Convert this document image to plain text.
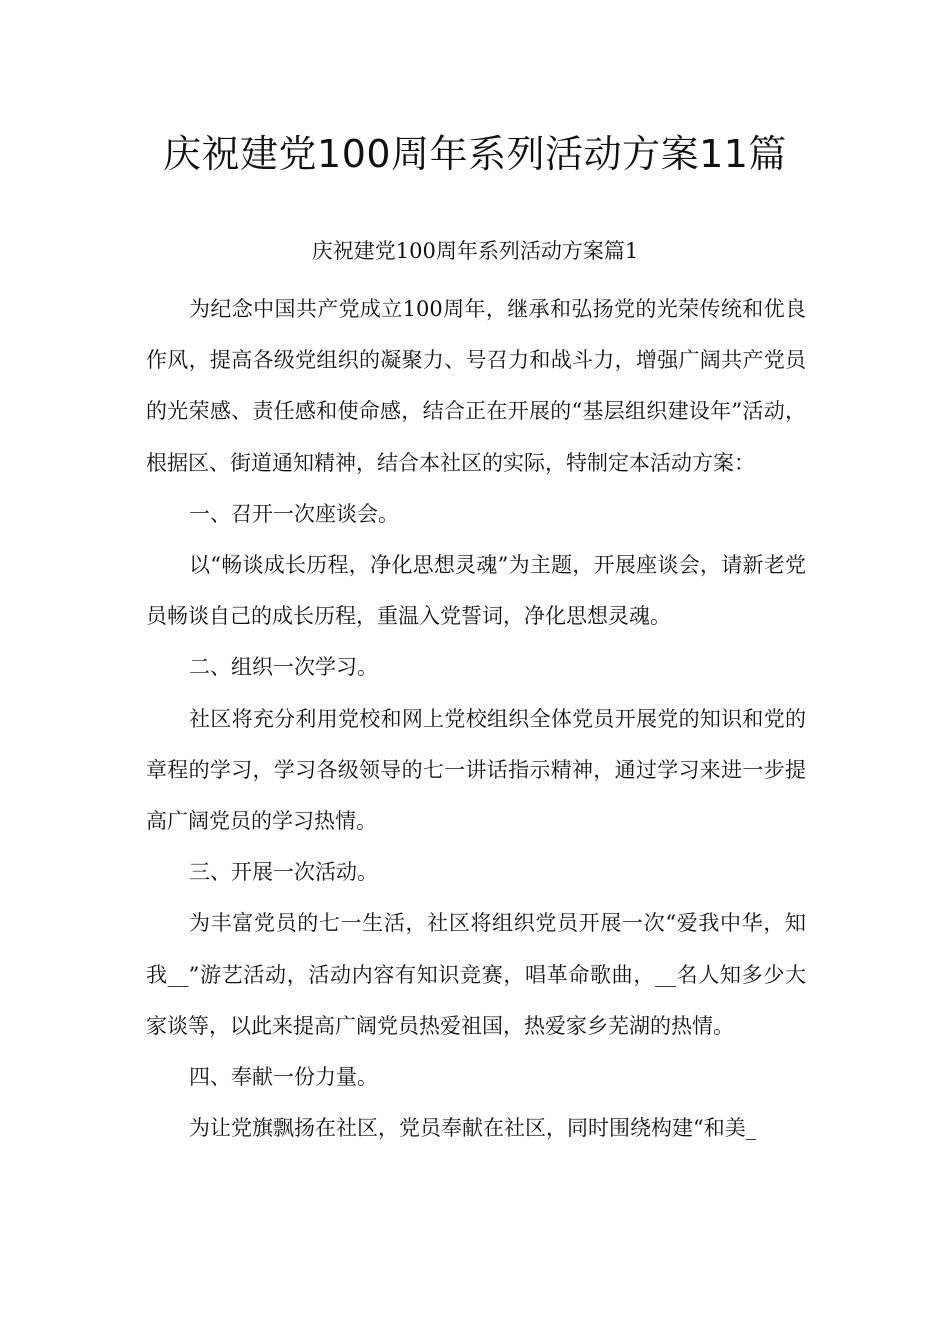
庆祝建党100周年系列活动方案11篇
庆祝建党100周年系列活动方案篇1

为纪念中国共产党成立100周年，继承和弘扬党的光荣传统和优良作风，提高各级党组织的凝聚力、号召力和战斗力，增强广阔共产党员的光荣感、责任感和使命感，结合正在开展的“基层组织建设年”活动，根据区、街道通知精神，结合本社区的实际，特制定本活动方案：

一、召开一次座谈会。

以“畅谈成长历程，净化思想灵魂”为主题，开展座谈会，请新老党员畅谈自己的成长历程，重温入党誓词，净化思想灵魂。

二、组织一次学习。

社区将充分利用党校和网上党校组织全体党员开展党的知识和党的章程的学习，学习各级领导的七一讲话指示精神，通过学习来进一步提高广阔党员的学习热情。

三、开展一次活动。

为丰富党员的七一生活，社区将组织党员开展一次“爱我中华，知我__”游艺活动，活动内容有知识竞赛，唱革命歌曲，__名人知多少大家谈等，以此来提高广阔党员热爱祖国，热爱家乡芜湖的热情。

四、奉献一份力量。

为让党旗飘扬在社区，党员奉献在社区，同时围绕构建“和美_
